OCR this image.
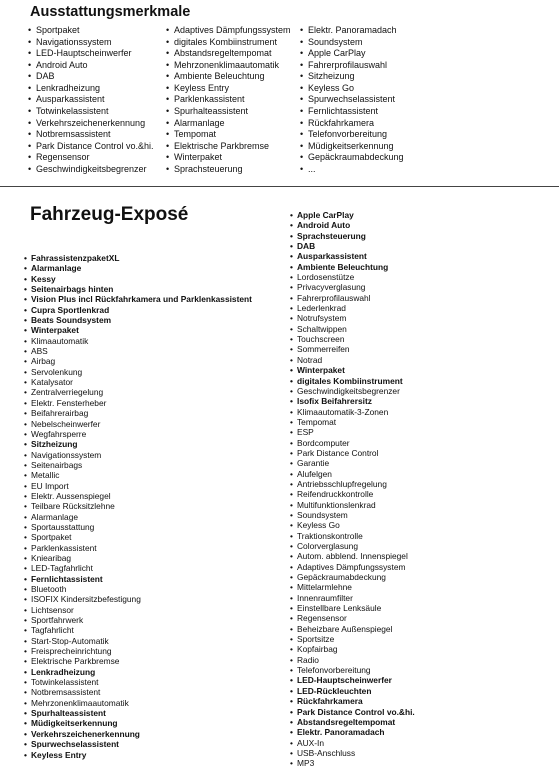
Ausstattungsmerkmale
• Sportpaket
• Navigationssystem
• LED-Hauptscheinwerfer
• Android Auto
• DAB
• Lenkradheizung
• Ausparkassistent
• Totwinkelassistent
• Verkehrszeichenerkennung
• Notbremsassistent
• Park Distance Control vo.&hi.
• Regensensor
• Geschwindigkeitsbegrenzer
• Adaptives Dämpfungssystem
• digitales Kombiinstrument
• Abstandsregeltempomat
• Mehrzonenklimaautomatik
• Ambiente Beleuchtung
• Keyless Entry
• Parklenkassistent
• Spurhalteassistent
• Alarmanlage
• Tempomat
• Elektrische Parkbremse
• Winterpaket
• Sprachsteuerung
• Elektr. Panoramadach
• Soundsystem
• Apple CarPlay
• Fahrerprofilauswahl
• Sitzheizung
• Keyless Go
• Spurwechselassistent
• Fernlichtassistent
• Rückfahrkamera
• Telefonvorbereitung
• Müdigkeitserkennung
• Gepäckraumabdeckung
• ...
Fahrzeug-Exposé
• FahrassistenzpaketXL
• Alarmanlage
• Kessy
• Seitenairbags hinten
• Vision Plus incl Rückfahrkamera und Parklenkassistent
• Cupra Sportlenkrad
• Beats Soundsystem
• Winterpaket
• Klimaautomatik
• ABS
• Airbag
• Servolenkung
• Katalysator
• Zentralverriegelung
• Elektr. Fensterheber
• Beifahrerairbag
• Nebelscheinwerfer
• Wegfahrsperre
• Sitzheizung
• Navigationssystem
• Seitenairbags
• Metallic
• EU Import
• Elektr. Aussenspiegel
• Teilbare Rücksitzlehne
• Alarmanlage
• Sportausstattung
• Sportpaket
• Parklenkassistent
• Kniearibag
• LED-Tagfahrlicht
• Fernlichtassistent
• Bluetooth
• ISOFIX Kindersitzbefestigung
• Lichtsensor
• Sportfahrwerk
• Tagfahrlicht
• Start-Stop-Automatik
• Freisprecheinrichtung
• Elektrische Parkbremse
• Lenkradheizung
• Totwinkelassistent
• Notbremsassistent
• Mehrzonenklimaautomatik
• Spurhalteassistent
• Müdigkeitserkennung
• Verkehrszeichenerkennung
• Spurwechselassistent
• Keyless Entry
• Apple CarPlay
• Android Auto
• Sprachsteuerung
• DAB
• Ausparkassistent
• Ambiente Beleuchtung
• Lordosenstütze
• Privacyverglasung
• Fahrerprofilauswahl
• Lederlenkrad
• Notrufsystem
• Schaltwippen
• Touchscreen
• Sommerreifen
• Notrad
• Winterpaket
• digitales Kombiinstrument
• Geschwindigkeitsbegrenzer
• Isofix Beifahrersitz
• Klimaautomatik-3-Zonen
• Tempomat
• ESP
• Bordcomputer
• Park Distance Control
• Garantie
• Alufelgen
• Antriebsschlupfregelung
• Reifendruckkontrolle
• Multifunktionslenkrad
• Soundsystem
• Keyless Go
• Traktionskontrolle
• Colorverglasung
• Autom. abblend. Innenspiegel
• Adaptives Dämpfungssystem
• Gepäckraumabdeckung
• Mittelarmlehne
• Innenraumfilter
• Einstellbare Lenksäule
• Regensensor
• Beheizbare Außenspiegel
• Sportsitze
• Kopfairbag
• Radio
• Telefonvorbereitung
• LED-Hauptscheinwerfer
• LED-Rückleuchten
• Rückfahrkamera
• Park Distance Control vo.&hi.
• Abstandsregeltempomat
• Elektr. Panoramadach
• AUX-In
• USB-Anschluss
• MP3
